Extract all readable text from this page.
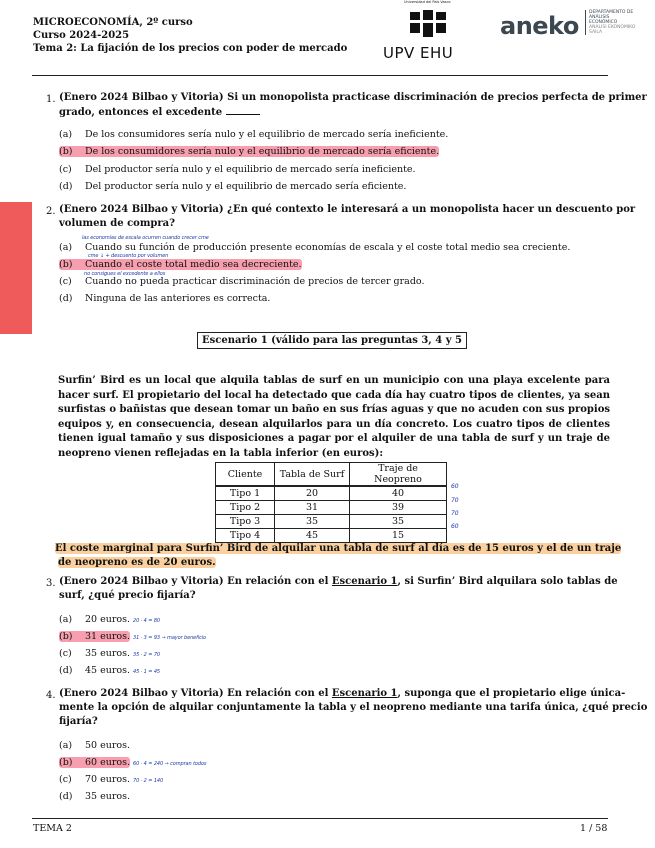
MICROECONOMÍA, 2º curso
Curso 2024-2025
Tema 2: La fijación de los precios con poder de mercado
Universidad del País Vasco
UPV EHU
aneko DEPARTAMENTO DE ANÁLISIS ECONÓMICO
ANALISI EKONOMIKO SAILA
1. (Enero 2024 Bilbao y Vitoria) Si un monopolista practicase discriminación de precios perfecta de primer
grado, entonces el excedente
(a) De los consumidores sería nulo y el equilibrio de mercado sería ineficiente.
(b) De los consumidores sería nulo y el equilibrio de mercado sería eficiente.
(c) Del productor sería nulo y el equilibrio de mercado sería ineficiente.
(d) Del productor sería nulo y el equilibrio de mercado sería eficiente.
2. (Enero 2024 Bilbao y Vitoria) ¿En qué contexto le interesará a un monopolista hacer un descuento por
volumen de compra?
las economías de escala ocurren cuando crecer cme
(a) Cuando su función de producción presente economías de escala y el coste total medio sea creciente.
cme ↓ + descuento por volumen
(b) Cuando el coste total medio sea decreciente.
no consigues el excedente a ellos
(c) Cuando no pueda practicar discriminación de precios de tercer grado.
(d) Ninguna de las anteriores es correcta.
Escenario 1 (válido para las preguntas 3, 4 y 5
Surfin’ Bird es un local que alquila tablas de surf en un municipio con una playa excelente para hacer surf. El propietario del local ha detectado que cada día hay cuatro tipos de clientes, ya sean surfistas o bañistas que desean tomar un baño en sus frías aguas y que no acuden con sus propios equipos y, en consecuencia, desean alquilarlos para un día concreto. Los cuatro tipos de clientes tienen igual tamaño y sus disposiciones a pagar por el alquiler de una tabla de surf y un traje de neopreno vienen reflejadas en la tabla inferior (en euros):
Cliente	Tabla de Surf	Traje de Neopreno
Tipo 1	20	40
Tipo 2	31	39
Tipo 3	35	35
Tipo 4	45	15
60
70
70
60
El coste marginal para Surfin’ Bird de alquilar una tabla de surf al día es de 15 euros y el de un traje
de neopreno es de 20 euros.
3. (Enero 2024 Bilbao y Vitoria) En relación con el Escenario 1, si Surfin’ Bird alquilara solo tablas de
surf, ¿qué precio fijaría?
(a) 20 euros. 20 · 4 = 80
(b) 31 euros. 31 · 3 = 93 → mayor beneficio
(c) 35 euros. 35 · 2 = 70
(d) 45 euros. 45 · 1 = 45
4. (Enero 2024 Bilbao y Vitoria) En relación con el Escenario 1, suponga que el propietario elige única-
mente la opción de alquilar conjuntamente la tabla y el neopreno mediante una tarifa única, ¿qué precio
fijaría?
(a) 50 euros.
(b) 60 euros. 60 · 4 = 240 → compran todos
(c) 70 euros. 70 · 2 = 140
(d) 35 euros.
TEMA 2	1 / 58
